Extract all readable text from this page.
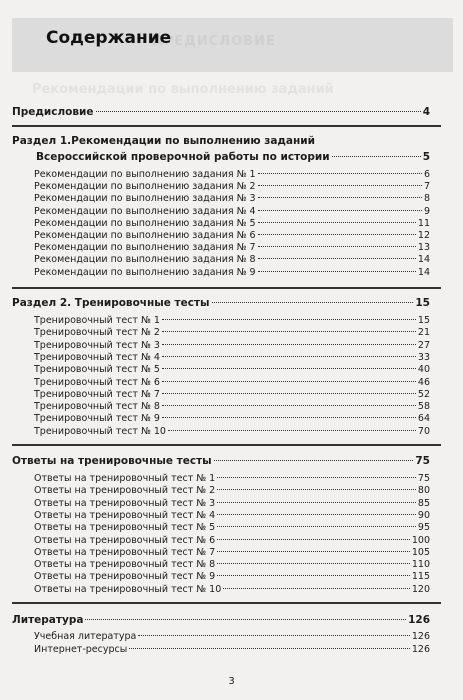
ПРЕДИСЛОВИЕ
Рекомендации по выполнению заданий
Содержание
Предисловие	4
Раздел 1.Рекомендации по выполнению заданий
Всероссийской проверочной работы по истории	5
Рекомендации по выполнению задания № 1	6
Рекомендации по выполнению задания № 2	7
Рекомендации по выполнению задания № 3	8
Рекомендации по выполнению задания № 4	9
Рекомендации по выполнению задания № 5	11
Рекомендации по выполнению задания № 6	12
Рекомендации по выполнению задания № 7	13
Рекомендации по выполнению задания № 8	14
Рекомендации по выполнению задания № 9	14
Раздел 2. Тренировочные тесты	15
Тренировочный тест № 1	15
Тренировочный тест № 2	21
Тренировочный тест № 3	27
Тренировочный тест № 4	33
Тренировочный тест № 5	40
Тренировочный тест № 6	46
Тренировочный тест № 7	52
Тренировочный тест № 8	58
Тренировочный тест № 9	64
Тренировочный тест № 10	70
Ответы на тренировочные тесты	75
Ответы на тренировочный тест № 1	75
Ответы на тренировочный тест № 2	80
Ответы на тренировочный тест № 3	85
Ответы на тренировочный тест № 4	90
Ответы на тренировочный тест № 5	95
Ответы на тренировочный тест № 6	100
Ответы на тренировочный тест № 7	105
Ответы на тренировочный тест № 8	110
Ответы на тренировочный тест № 9	115
Ответы на тренировочный тест № 10	120
Литература	126
Учебная литература	126
Интернет-ресурсы	126
3
